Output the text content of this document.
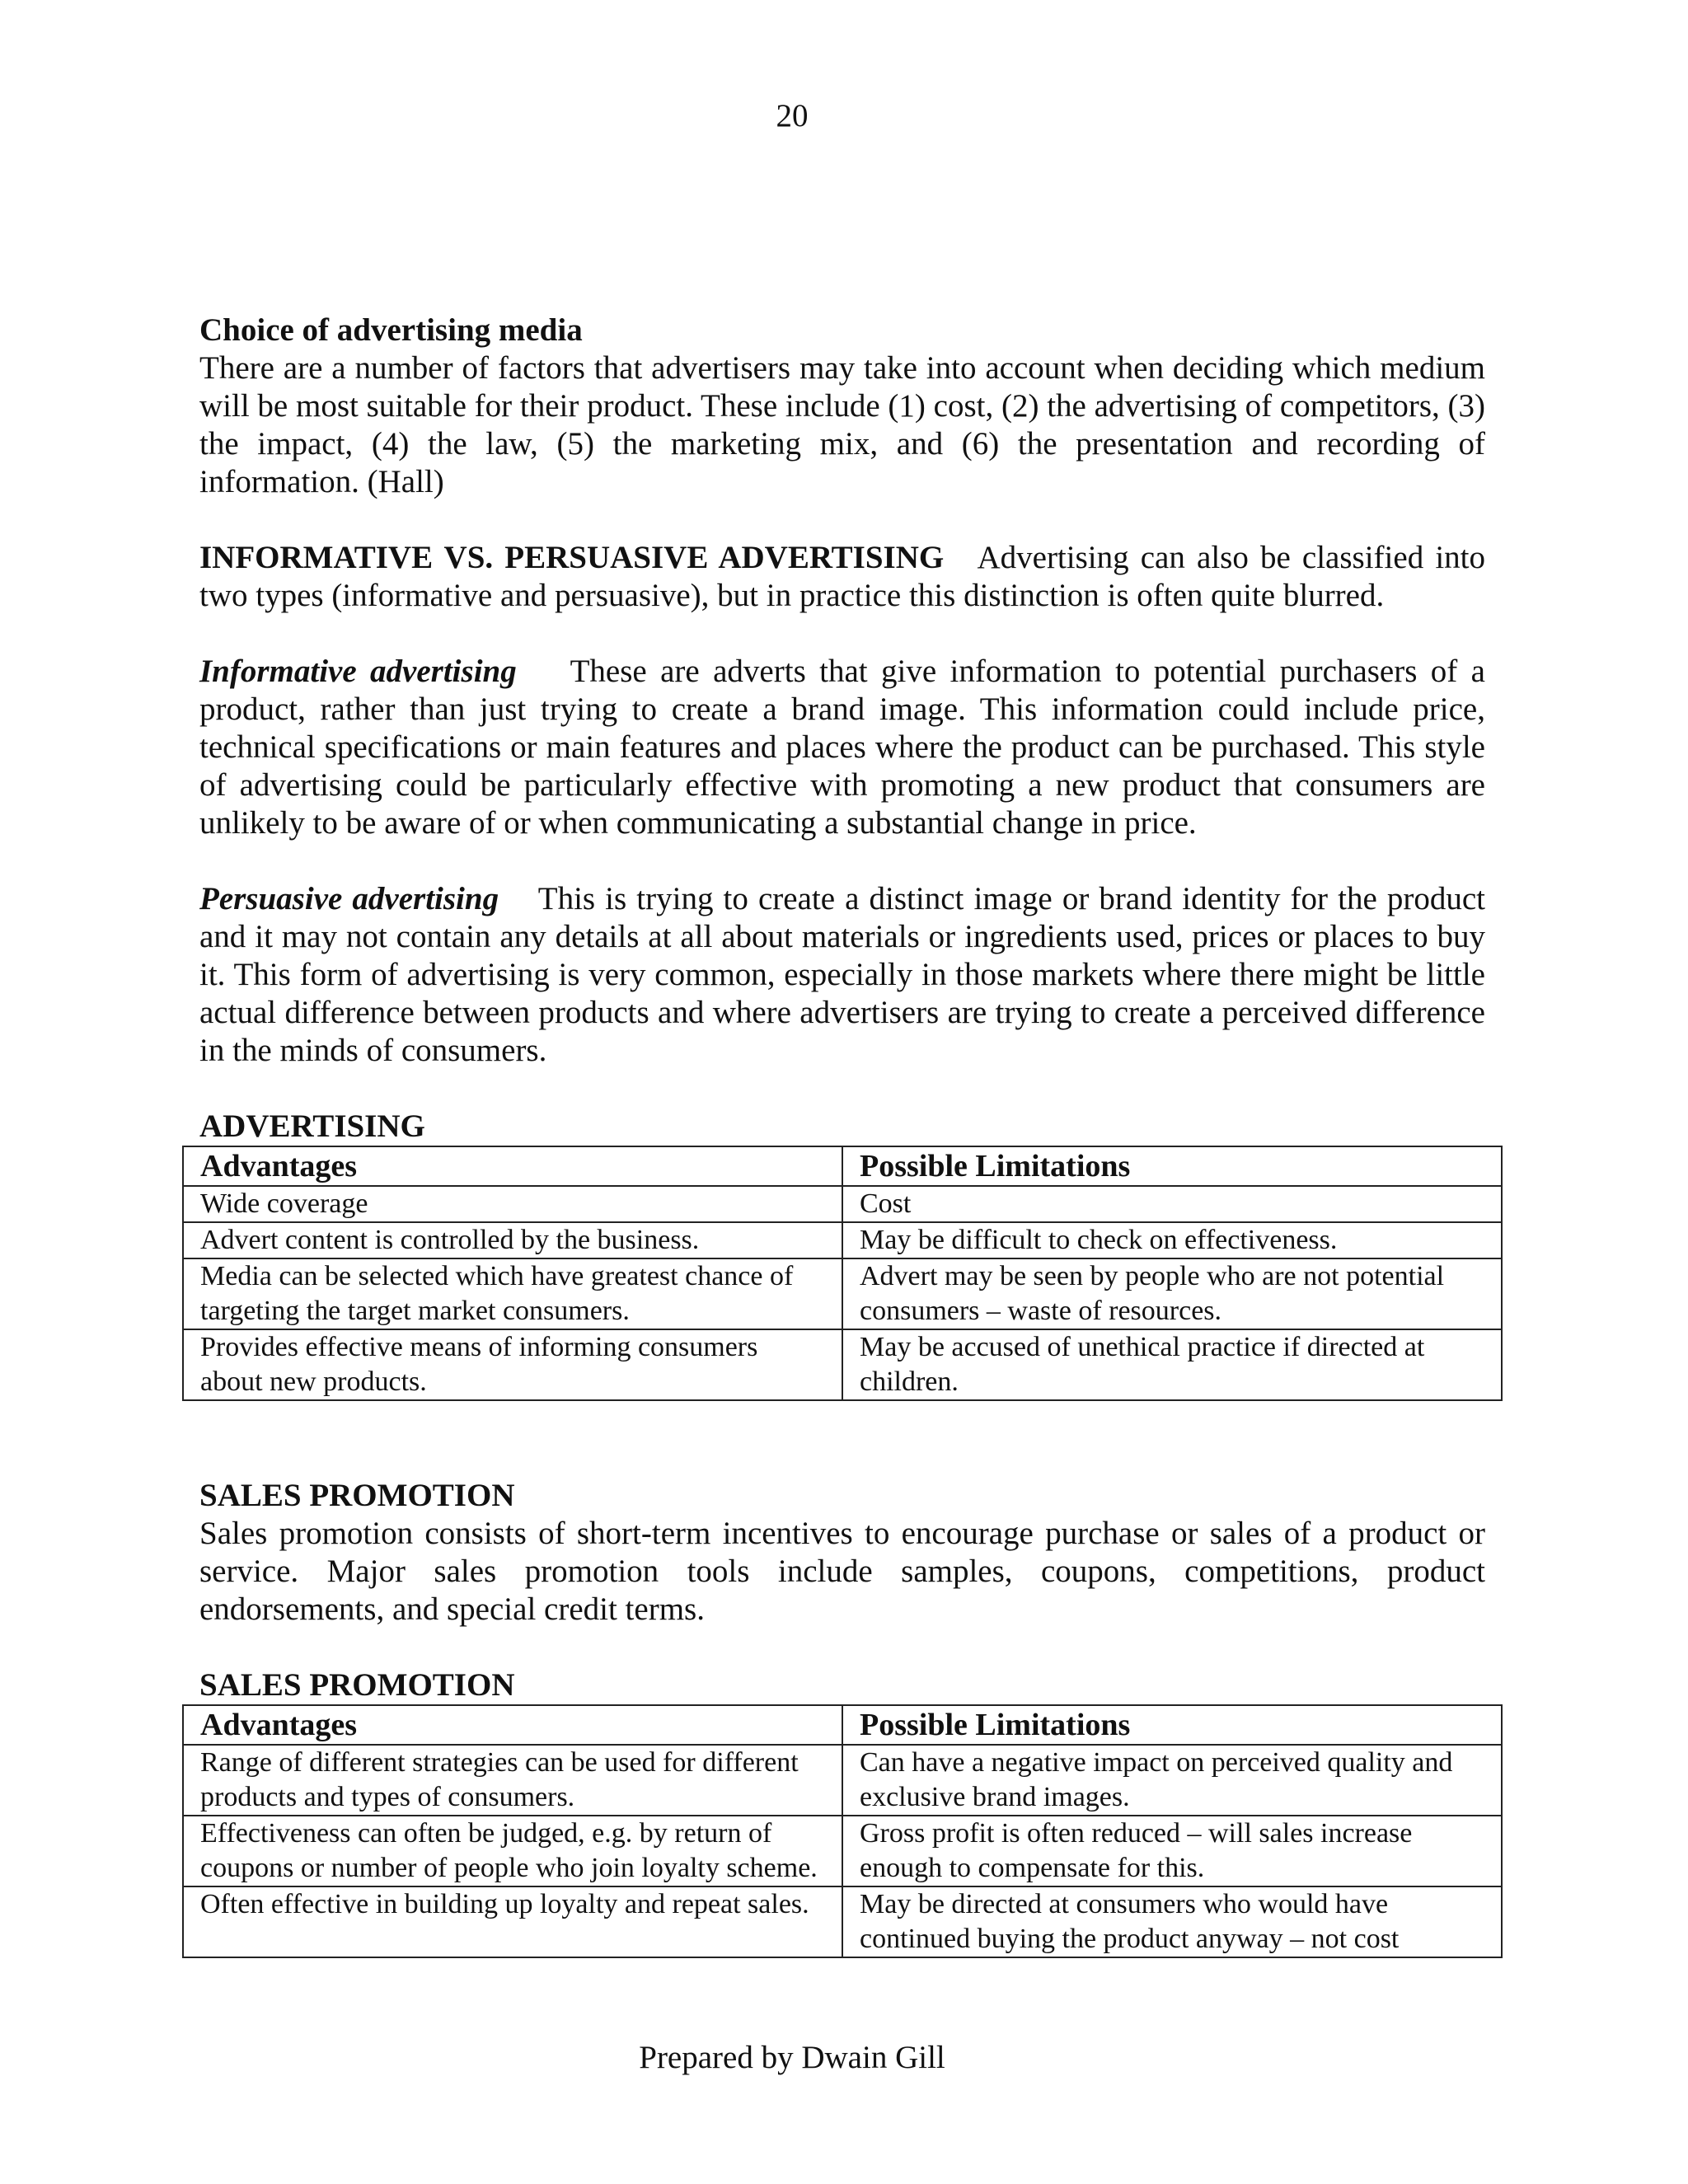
20

Choice of advertising media

There are a number of factors that advertisers may take into account when deciding which medium will be most suitable for their product. These include (1) cost, (2) the advertising of competitors, (3) the impact, (4) the law, (5) the marketing mix, and (6) the presentation and recording of information. (Hall)

INFORMATIVE VS. PERSUASIVE ADVERTISING Advertising can also be classified into two types (informative and persuasive), but in practice this distinction is often quite blurred.

Informative advertising These are adverts that give information to potential purchasers of a product, rather than just trying to create a brand image. This information could include price, technical specifications or main features and places where the product can be purchased. This style of advertising could be particularly effective with promoting a new product that consumers are unlikely to be aware of or when communicating a substantial change in price.

Persuasive advertising This is trying to create a distinct image or brand identity for the product and it may not contain any details at all about materials or ingredients used, prices or places to buy it. This form of advertising is very common, especially in those markets where there might be little actual difference between products and where advertisers are trying to create a perceived difference in the minds of consumers.

ADVERTISING

Advantages	Possible Limitations
Wide coverage	Cost
Advert content is controlled by the business.	May be difficult to check on effectiveness.
Media can be selected which have greatest chance of targeting the target market consumers.	Advert may be seen by people who are not potential consumers – waste of resources.
Provides effective means of informing consumers about new products.	May be accused of unethical practice if directed at children.

SALES PROMOTION

Sales promotion consists of short-term incentives to encourage purchase or sales of a product or service. Major sales promotion tools include samples, coupons, competitions, product endorsements, and special credit terms.

SALES PROMOTION

Advantages	Possible Limitations
Range of different strategies can be used for different products and types of consumers.	Can have a negative impact on perceived quality and exclusive brand images.
Effectiveness can often be judged, e.g. by return of coupons or number of people who join loyalty scheme.	Gross profit is often reduced – will sales increase enough to compensate for this.
Often effective in building up loyalty and repeat sales.	May be directed at consumers who would have continued buying the product anyway – not cost
Prepared by Dwain Gill
